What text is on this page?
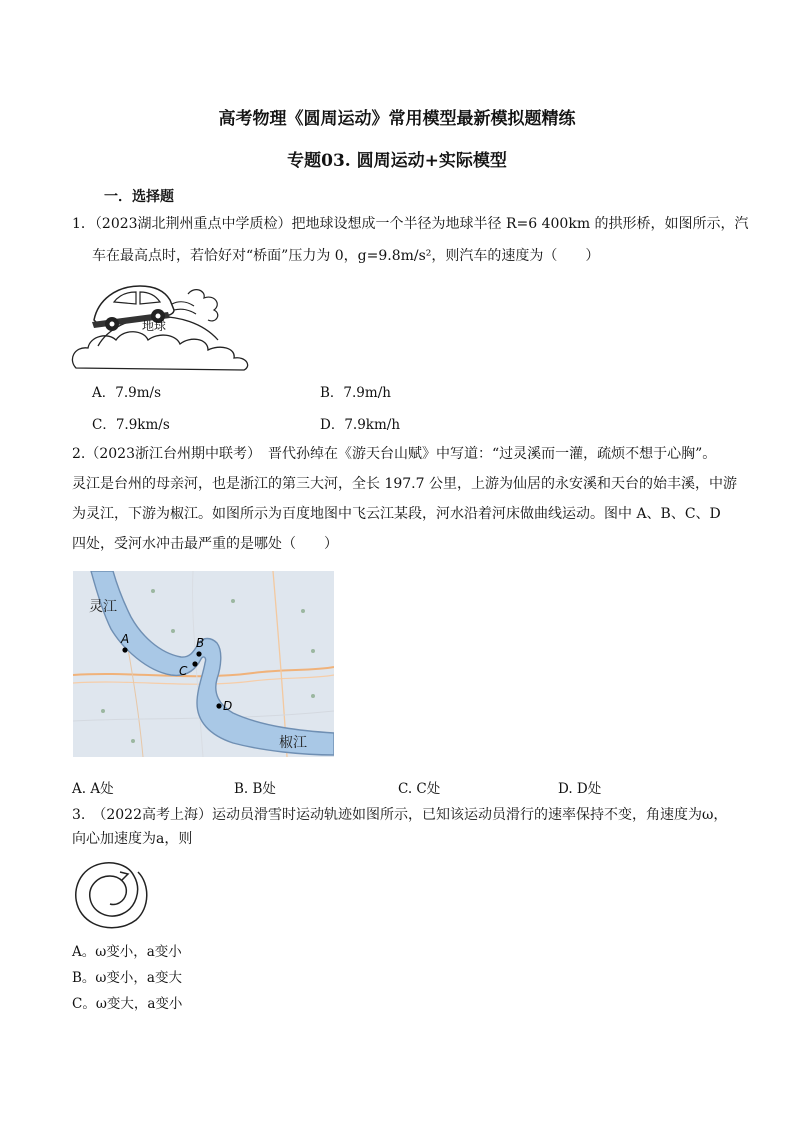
高考物理《圆周运动》常用模型最新模拟题精练
专题03. 圆周运动+实际模型
一．选择题
1．（2023湖北荆州重点中学质检）把地球设想成一个半径为地球半径 R=6 400km 的拱形桥，如图所示，汽
车在最高点时，若恰好对“桥面”压力为 0，g=9.8m/s²，则汽车的速度为（　　）
地球
A．7.9m/s	B．7.9m/h
C．7.9km/s	D．7.9km/h
2.（2023浙江台州期中联考）　晋代孙绰在《游天台山赋》中写道：“过灵溪而一灌，疏烦不想于心胸”。
灵江是台州的母亲河，也是浙江的第三大河，全长 197.7 公里，上游为仙居的永安溪和天台的始丰溪，中游
为灵江，下游为椒江。如图所示为百度地图中飞云江某段，河水沿着河床做曲线运动。图中 A、B、C、D
四处，受河水冲击最严重的是哪处（　　）
灵江
椒江
A	B
C
D
A. A处	B. B处	C. C处	D. D处
3.　（2022高考上海）运动员滑雪时运动轨迹如图所示，已知该运动员滑行的速率保持不变，角速度为ω，
向心加速度为a，则
A。ω变小，a变小
B。ω变小，a变大
C。ω变大，a变小
